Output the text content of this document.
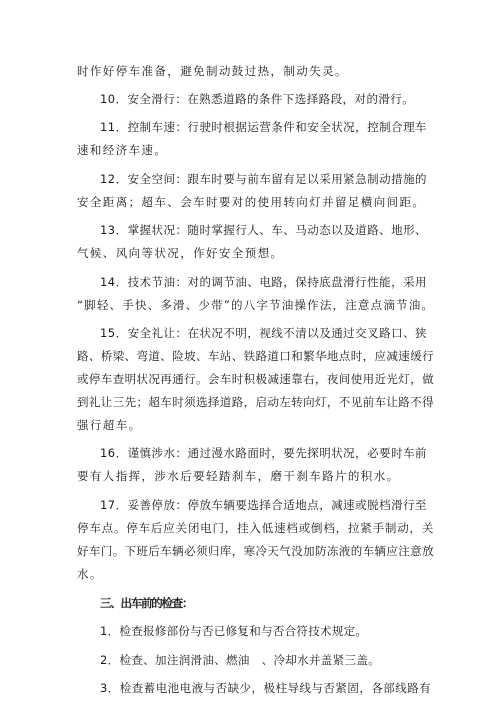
时作好停车准备，避免制动鼓过热，制动失灵。
10．安全滑行：在熟悉道路的条件下选择路段，对的滑行。
11．控制车速：行驶时根据运营条件和安全状况，控制合理车
速和经济车速。
12．安全空间：跟车时要与前车留有足以采用紧急制动措施的
安全距离；超车、会车时要对的使用转向灯并留足横向间距。
13．掌握状况：随时掌握行人、车、马动态以及道路、地形、
气候、风向等状况，作好安全预想。
14．技术节油：对的调节油、电路，保持底盘滑行性能，采用
“脚轻、手快、多滑、少带”的八字节油操作法，注意点滴节油。
15．安全礼让：在状况不明，视线不清以及通过交叉路口、狭
路、桥梁、弯道、险坡、车站、铁路道口和繁华地点时，应减速缓行
或停车查明状况再通行。会车时积极减速靠右，夜间使用近光灯，做
到礼让三先；超车时须选择道路，启动左转向灯，不见前车让路不得
强行超车。
16．谨慎涉水：通过漫水路面时，要先探明状况，必要时车前
要有人指挥，涉水后要轻踏刹车，磨干刹车路片的积水。
17．妥善停放：停放车辆要选择合适地点，减速或脱档滑行至
停车点。停车后应关闭电门，挂入低速档或倒档，拉紧手制动，关
好车门。下班后车辆必须归库，寒冷天气没加防冻液的车辆应注意放
水。
三、出车前的检查：
1．检查报修部份与否已修复和与否合符技术规定。
2．检查、加注润滑油、燃油　、冷却水并盖紧三盖。
3．检查蓄电池电液与否缺少，极柱导线与否紧固，各部线路有
